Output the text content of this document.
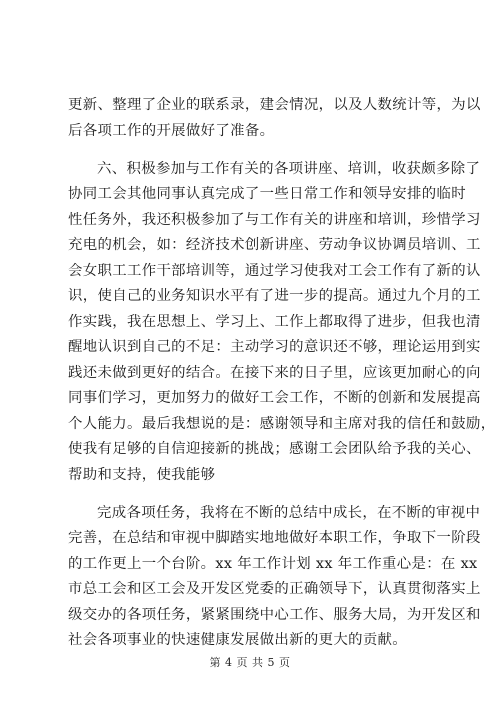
更新、整理了企业的联系录，建会情况，以及人数统计等，为以
后各项工作的开展做好了准备。

六、积极参加与工作有关的各项讲座、培训，收获颇多除了
协同工会其他同事认真完成了一些日常工作和领导安排的临时
性任务外，我还积极参加了与工作有关的讲座和培训，珍惜学习
充电的机会，如：经济技术创新讲座、劳动争议协调员培训、工
会女职工工作干部培训等，通过学习使我对工会工作有了新的认
识，使自己的业务知识水平有了进一步的提高。通过九个月的工
作实践，我在思想上、学习上、工作上都取得了进步，但我也清
醒地认识到自己的不足：主动学习的意识还不够，理论运用到实
践还未做到更好的结合。在接下来的日子里，应该更加耐心的向
同事们学习，更加努力的做好工会工作，不断的创新和发展提高
个人能力。最后我想说的是：感谢领导和主席对我的信任和鼓励，
使我有足够的自信迎接新的挑战；感谢工会团队给予我的关心、
帮助和支持，使我能够

完成各项任务，我将在不断的总结中成长，在不断的审视中
完善，在总结和审视中脚踏实地地做好本职工作，争取下一阶段
的工作更上一个台阶。xx 年工作计划 xx 年工作重心是：在 xx
市总工会和区工会及开发区党委的正确领导下，认真贯彻落实上
级交办的各项任务，紧紧围绕中心工作、服务大局，为开发区和
社会各项事业的快速健康发展做出新的更大的贡献。

第 4 页 共 5 页
